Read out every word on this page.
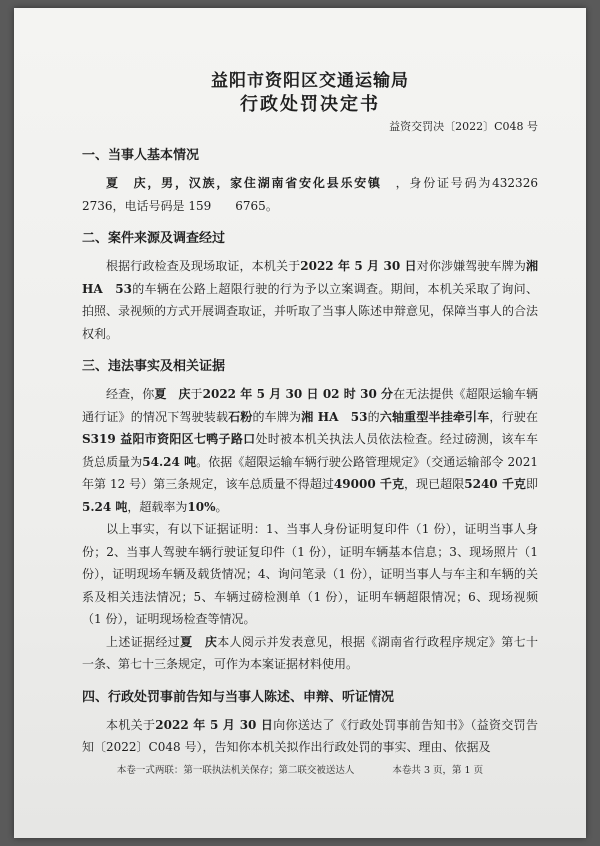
益阳市资阳区交通运输局
行政处罚决定书
益资交罚决〔2022〕C048 号
一、当事人基本情况

夏　庆，男，汉族，家住湖南省安化县乐安镇　，身份证号码为432326　　　　2736，电话号码是 159　　6765。

二、案件来源及调查经过

根据行政检查及现场取证，本机关于2022 年 5 月 30 日对你涉嫌驾驶车牌为湘 HA　53的车辆在公路上超限行驶的行为予以立案调查。期间，本机关采取了询问、拍照、录视频的方式开展调查取证，并听取了当事人陈述申辩意见，保障当事人的合法权利。

三、违法事实及相关证据

经查，你夏　庆于2022 年 5 月 30 日 02 时 30 分在无法提供《超限运输车辆通行证》的情况下驾驶装载石粉的车牌为湘 HA　53的六轴重型半挂牵引车，行驶在S319 益阳市资阳区七鸭子路口处时被本机关执法人员依法检查。经过磅测，该车车货总质量为54.24 吨。依据《超限运输车辆行驶公路管理规定》（交通运输部令 2021 年第 12 号）第三条规定，该车总质量不得超过49000 千克，现已超限5240 千克即5.24 吨，超载率为10%。

以上事实，有以下证据证明：1、当事人身份证明复印件（1 份），证明当事人身份；2、当事人驾驶车辆行驶证复印件（1 份），证明车辆基本信息；3、现场照片（1 份），证明现场车辆及载货情况；4、询问笔录（1 份），证明当事人与车主和车辆的关系及相关违法情况；5、车辆过磅检测单（1 份），证明车辆超限情况；6、现场视频（1 份），证明现场检查等情况。

上述证据经过夏　庆本人阅示并发表意见，根据《湖南省行政程序规定》第七十一条、第七十三条规定，可作为本案证据材料使用。

四、行政处罚事前告知与当事人陈述、申辩、听证情况

本机关于2022 年 5 月 30 日向你送达了《行政处罚事前告知书》（益资交罚告知〔2022〕C048 号），告知你本机关拟作出行政处罚的事实、理由、依据及

本卷一式两联：第一联执法机关保存；第二联交被送达人	本卷共 3 页，第 1 页
